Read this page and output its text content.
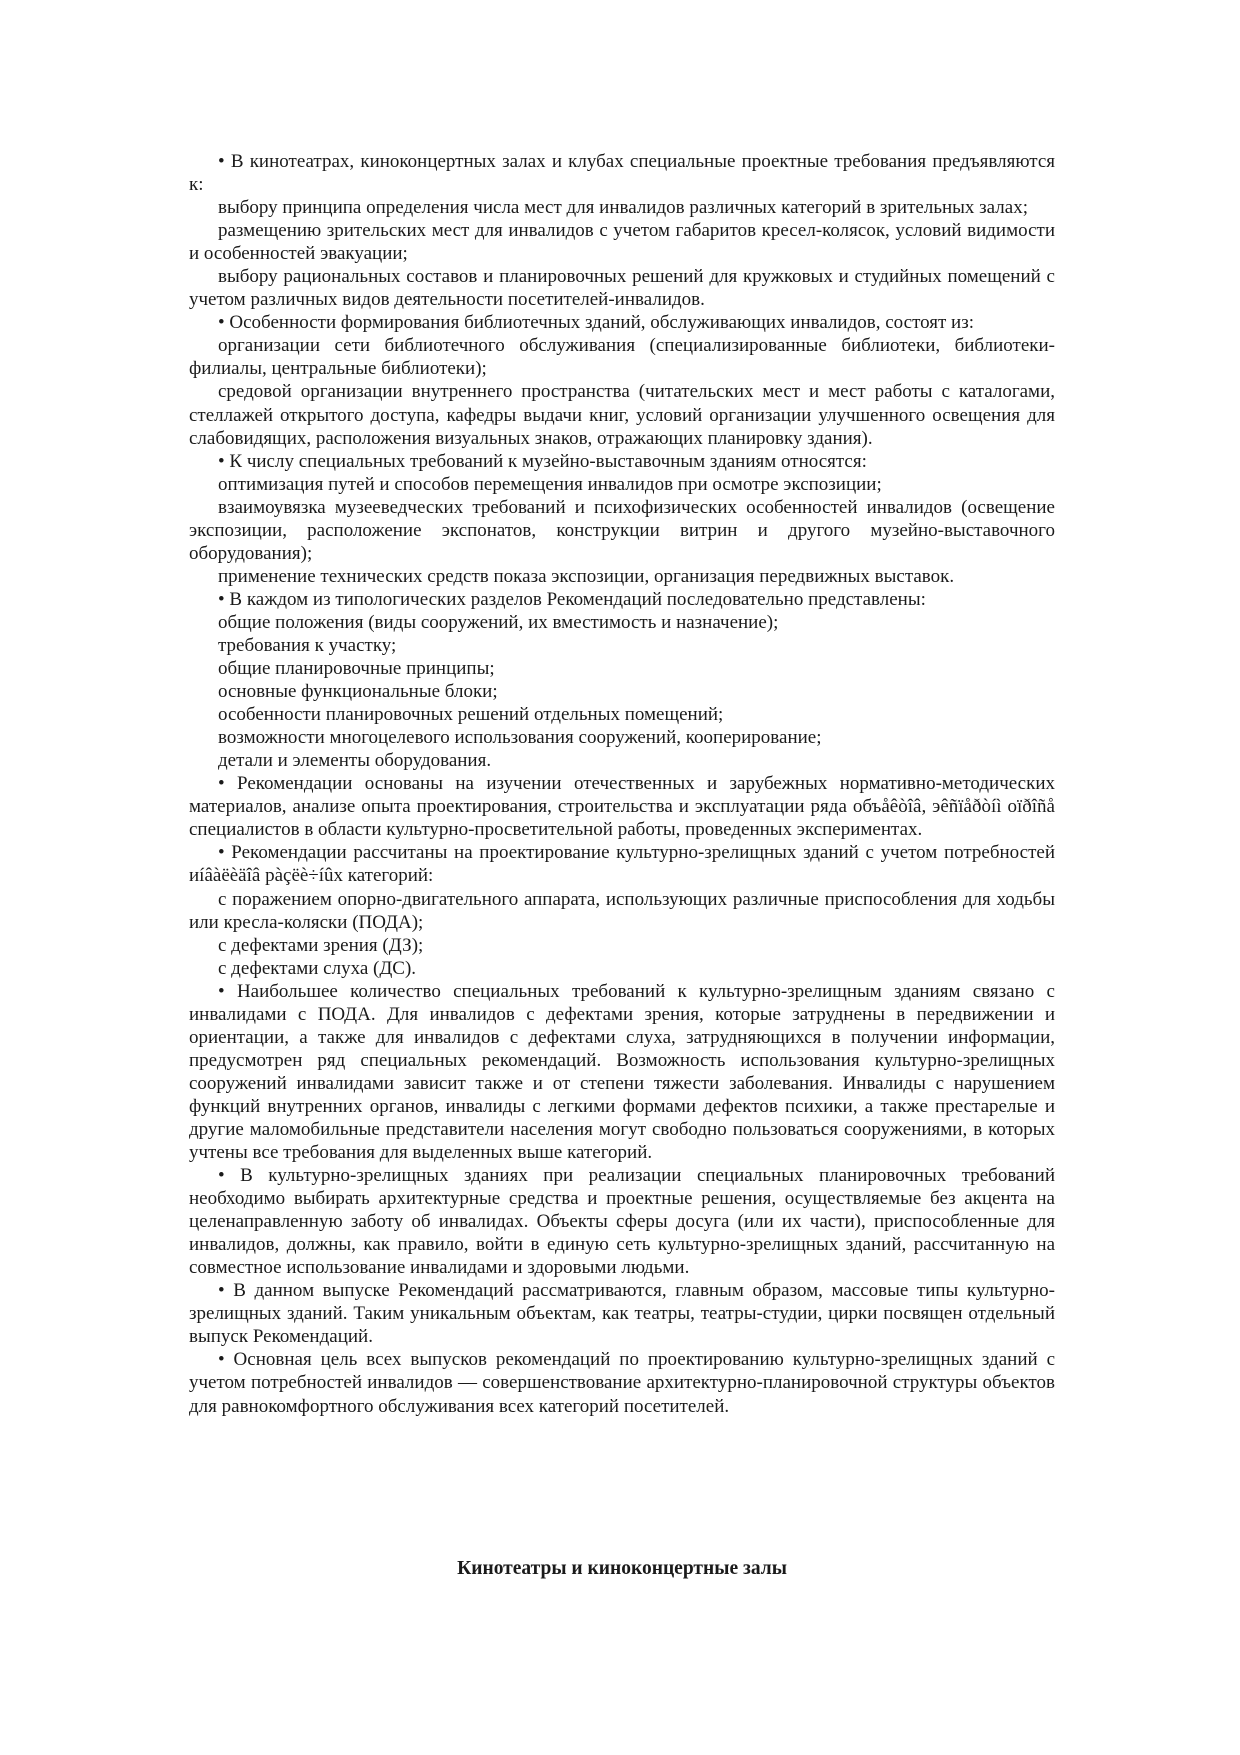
• В кинотеатрах, киноконцертных залах и клубах специальные проектные требования предъявляются к:

выбору принципа определения числа мест для инвалидов различных категорий в зрительных залах;

размещению зрительских мест для инвалидов с учетом габаритов кресел-колясок, условий видимости и особенностей эвакуации;

выбору рациональных составов и планировочных решений для кружковых и студийных помещений с учетом различных видов деятельности посетителей-инвалидов.

• Особенности формирования библиотечных зданий, обслуживающих инвалидов, состоят из:

организации сети библиотечного обслуживания (специализированные библиотеки, библиотеки-филиалы, центральные библиотеки);

средовой организации внутреннего пространства (читательских мест и мест работы с каталогами, стеллажей открытого доступа, кафедры выдачи книг, условий организации улучшенного освещения для слабовидящих, расположения визуальных знаков, отражающих планировку здания).

• К числу специальных требований к музейно-выставочным зданиям относятся:

оптимизация путей и способов перемещения инвалидов при осмотре экспозиции;

взаимоувязка музееведческих требований и психофизических особенностей инвалидов (освещение экспозиции, расположение экспонатов, конструкции витрин и другого музейно-выставочного оборудования);

применение технических средств показа экспозиции, организация передвижных выставок.

• В каждом из типологических разделов Рекомендаций последовательно представлены:

общие положения (виды сооружений, их вместимость и назначение);

требования к участку;

общие планировочные принципы;

основные функциональные блоки;

особенности планировочных решений отдельных помещений;

возможности многоцелевого использования сооружений, кооперирование;

детали и элементы оборудования.

• Рекомендации основаны на изучении отечественных и зарубежных нормативно-методических материалов, анализе опыта проектирования, строительства и эксплуатации ряда объåêòîâ, эêñïåðòíì оïðîñå специалистов в области культурно-просветительной работы, проведенных экспериментах.

• Рекомендации рассчитаны на проектирование культурно-зрелищных зданий с учетом потребностей иíâàëèäîâ рàçëè÷íûх категорий:

с поражением опорно-двигательного аппарата, использующих различные приспособления для ходьбы или кресла-коляски (ПОДА);

с дефектами зрения (ДЗ);

с дефектами слуха (ДС).

• Наибольшее количество специальных требований к культурно-зрелищным зданиям связано с инвалидами с ПОДА. Для инвалидов с дефектами зрения, которые затруднены в передвижении и ориентации, а также для инвалидов с дефектами слуха, затрудняющихся в получении информации, предусмотрен ряд специальных рекомендаций. Возможность использования культурно-зрелищных сооружений инвалидами зависит также и от степени тяжести заболевания. Инвалиды с нарушением функций внутренних органов, инвалиды с легкими формами дефектов психики, а также престарелые и другие маломобильные представители населения могут свободно пользоваться сооружениями, в которых учтены все требования для выделенных выше категорий.

• В культурно-зрелищных зданиях при реализации специальных планировочных требований необходимо выбирать архитектурные средства и проектные решения, осуществляемые без акцента на целенаправленную заботу об инвалидах. Объекты сферы досуга (или их части), приспособленные для инвалидов, должны, как правило, войти в единую сеть культурно-зрелищных зданий, рассчитанную на совместное использование инвалидами и здоровыми людьми.

• В данном выпуске Рекомендаций рассматриваются, главным образом, массовые типы культурно-зрелищных зданий. Таким уникальным объектам, как театры, театры-студии, цирки посвящен отдельный выпуск Рекомендаций.

• Основная цель всех выпусков рекомендаций по проектированию культурно-зрелищных зданий с учетом потребностей инвалидов — совершенствование архитектурно-планировочной структуры объектов для равнокомфортного обслуживания всех категорий посетителей.

Кинотеатры и киноконцертные залы
